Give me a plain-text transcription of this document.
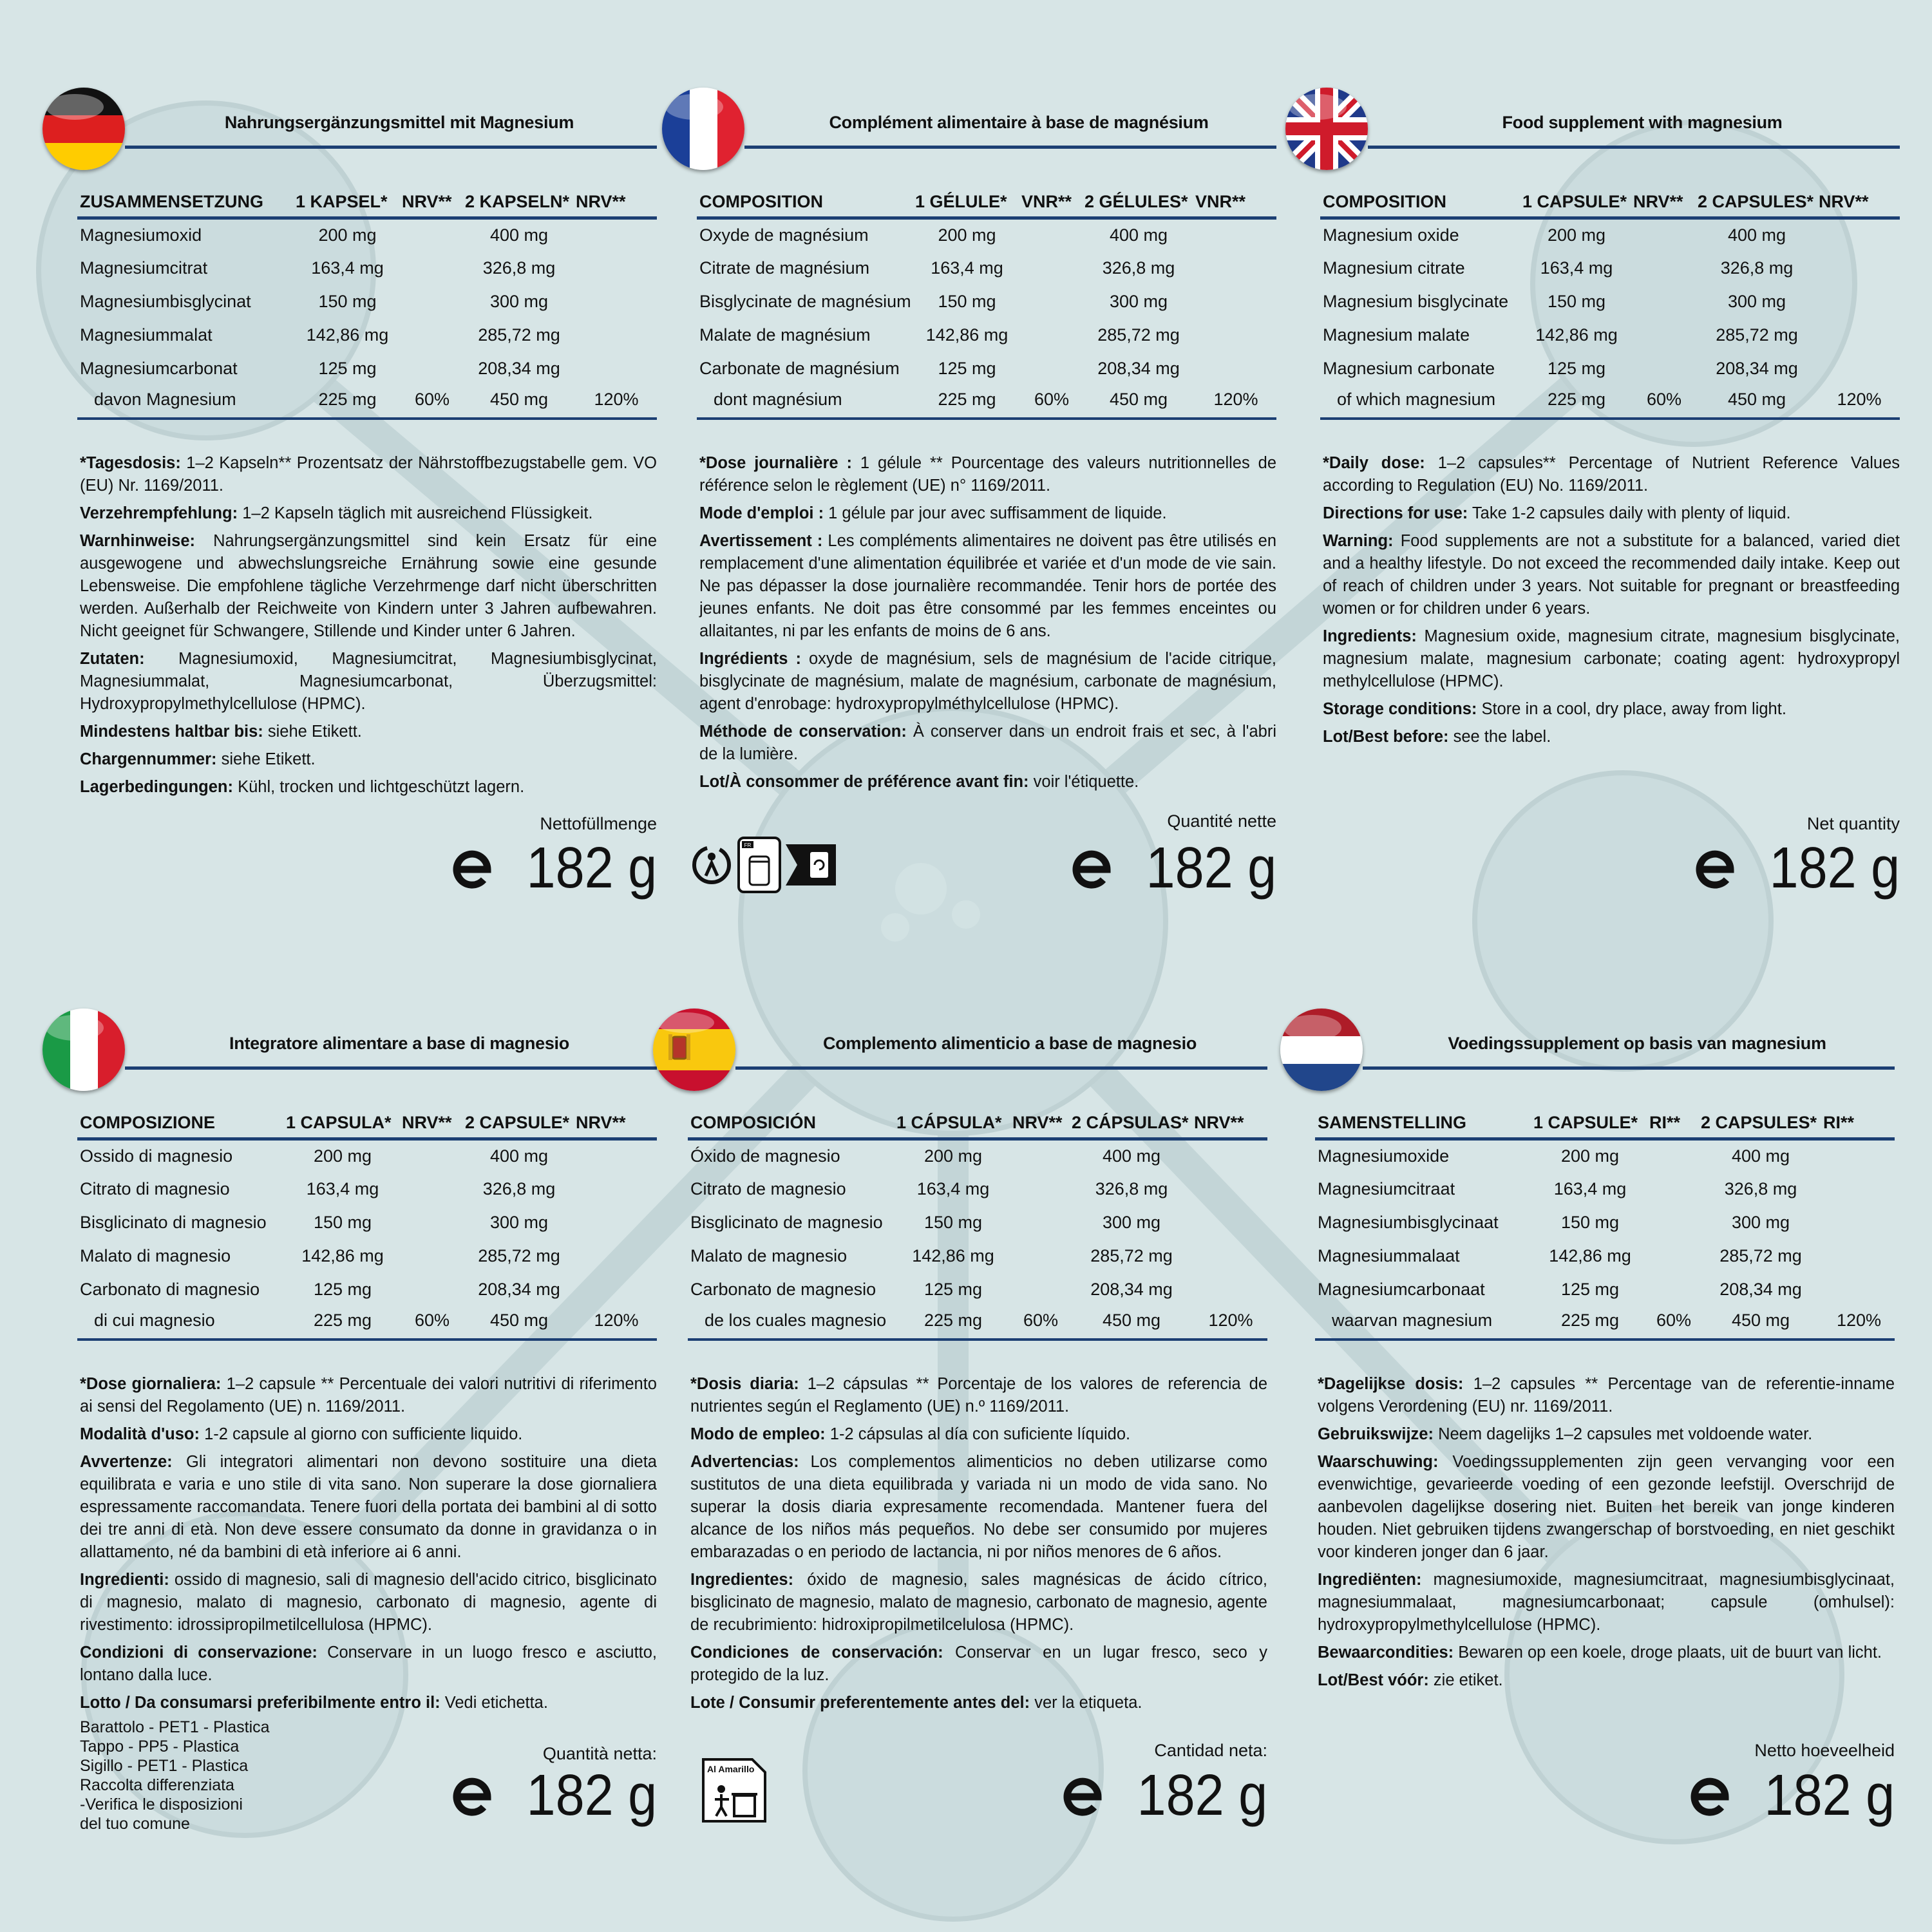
Nahrungsergänzungsmittel mit Magnesium
ZUSAMMENSETZUNG	1 KAPSEL*	NRV**	2 KAPSELN*	NRV**
Magnesiumoxid	200 mg		400 mg	
Magnesiumcitrat	163,4 mg		326,8 mg	
Magnesiumbisglycinat	150 mg		300 mg	
Magnesiummalat	142,86 mg		285,72 mg	
Magnesiumcarbonat	125 mg		208,34 mg	
davon Magnesium	225 mg	60%	450 mg	120%

*Tagesdosis: 1–2 Kapseln** Prozentsatz der Nährstoffbezugstabelle gem. VO (EU) Nr. 1169/2011.

Verzehrempfehlung: 1–2 Kapseln täglich mit ausreichend Flüssigkeit.

Warnhinweise: Nahrungsergänzungsmittel sind kein Ersatz für eine ausgewogene und abwechslungsreiche Ernährung sowie eine gesunde Lebensweise. Die empfohlene tägliche Verzehrmenge darf nicht überschritten werden. Außerhalb der Reichweite von Kindern unter 3 Jahren aufbewahren. Nicht geeignet für Schwangere, Stillende und Kinder unter 6 Jahren.

Zutaten: Magnesiumoxid, Magnesiumcitrat, Magnesiumbisglycinat, Magnesiummalat, Magnesiumcarbonat, Überzugsmittel: Hydroxypropylmethylcellulose (HPMC).

Mindestens haltbar bis: siehe Etikett.

Chargennummer: siehe Etikett.

Lagerbedingungen: Kühl, trocken und lichtgeschützt lagern.

Nettofüllmenge
182 g
Complément alimentaire à base de magnésium
COMPOSITION	1 GÉLULE*	VNR**	2 GÉLULES*	VNR**
Oxyde de magnésium	200 mg		400 mg	
Citrate de magnésium	163,4 mg		326,8 mg	
Bisglycinate de magnésium	150 mg		300 mg	
Malate de magnésium	142,86 mg		285,72 mg	
Carbonate de magnésium	125 mg		208,34 mg	
dont magnésium	225 mg	60%	450 mg	120%

*Dose journalière : 1 gélule ** Pourcentage des valeurs nutritionnelles de référence selon le règlement (UE) n° 1169/2011.

Mode d'emploi : 1 gélule par jour avec suffisamment de liquide.

Avertissement : Les compléments alimentaires ne doivent pas être utilisés en remplacement d'une alimentation équilibrée et variée et d'un mode de vie sain. Ne pas dépasser la dose journalière recommandée. Tenir hors de portée des jeunes enfants. Ne doit pas être consommé par les femmes enceintes ou allaitantes, ni par les enfants de moins de 6 ans.

Ingrédients : oxyde de magnésium, sels de magnésium de l'acide citrique, bisglycinate de magnésium, malate de magnésium, carbonate de magnésium, agent d'enrobage: hydroxypropylméthylcellulose (HPMC).

Méthode de conservation: À conserver dans un endroit frais et sec, à l'abri de la lumière.

Lot/À consommer de préférence avant fin: voir l'étiquette.

FR
Quantité nette
182 g
Food supplement with magnesium
COMPOSITION	1 CAPSULE*	NRV**	2 CAPSULES*	NRV**
Magnesium oxide	200 mg		400 mg	
Magnesium citrate	163,4 mg		326,8 mg	
Magnesium bisglycinate	150 mg		300 mg	
Magnesium malate	142,86 mg		285,72 mg	
Magnesium carbonate	125 mg		208,34 mg	
of which magnesium	225 mg	60%	450 mg	120%

*Daily dose: 1–2 capsules** Percentage of Nutrient Reference Values according to Regulation (EU) No. 1169/2011.

Directions for use: Take 1-2 capsules daily with plenty of liquid.

Warning: Food supplements are not a substitute for a balanced, varied diet and a healthy lifestyle. Do not exceed the recommended daily intake. Keep out of reach of children under 3 years. Not suitable for pregnant or breastfeeding women or for children under 6 years.

Ingredients: Magnesium oxide, magnesium citrate, magnesium bisglycinate, magnesium malate, magnesium carbonate; coating agent: hydroxypropyl methylcellulose (HPMC).

Storage conditions: Store in a cool, dry place, away from light.

Lot/Best before: see the label.

Net quantity
182 g
Integratore alimentare a base di magnesio
COMPOSIZIONE	1 CAPSULA*	NRV**	2 CAPSULE*	NRV**
Ossido di magnesio	200 mg		400 mg	
Citrato di magnesio	163,4 mg		326,8 mg	
Bisglicinato di magnesio	150 mg		300 mg	
Malato di magnesio	142,86 mg		285,72 mg	
Carbonato di magnesio	125 mg		208,34 mg	
di cui magnesio	225 mg	60%	450 mg	120%

*Dose giornaliera: 1–2 capsule ** Percentuale dei valori nutritivi di riferimento ai sensi del Regolamento (UE) n. 1169/2011.

Modalità d'uso: 1-2 capsule al giorno con sufficiente liquido.

Avvertenze: Gli integratori alimentari non devono sostituire una dieta equilibrata e varia e uno stile di vita sano. Non superare la dose giornaliera espressamente raccomandata. Tenere fuori della portata dei bambini al di sotto dei tre anni di età. Non deve essere consumato da donne in gravidanza o in allattamento, né da bambini di età inferiore ai 6 anni.

Ingredienti: ossido di magnesio, sali di magnesio dell'acido citrico, bisglicinato di magnesio, malato di magnesio, carbonato di magnesio, agente di rivestimento: idrossipropilmetilcellulosa (HPMC).

Condizioni di conservazione: Conservare in un luogo fresco e asciutto, lontano dalla luce.

Lotto / Da consumarsi preferibilmente entro il: Vedi etichetta.

Barattolo - PET1 - Plastica
Tappo - PP5 - Plastica
Sigillo - PET1 - Plastica
Raccolta differenziata
-Verifica le disposizioni
del tuo comune
Quantità netta:
182 g
Complemento alimenticio a base de magnesio
COMPOSICIÓN	1 CÁPSULA*	NRV**	2 CÁPSULAS*	NRV**
Óxido de magnesio	200 mg		400 mg	
Citrato de magnesio	163,4 mg		326,8 mg	
Bisglicinato de magnesio	150 mg		300 mg	
Malato de magnesio	142,86 mg		285,72 mg	
Carbonato de magnesio	125 mg		208,34 mg	
de los cuales magnesio	225 mg	60%	450 mg	120%

*Dosis diaria: 1–2 cápsulas ** Porcentaje de los valores de referencia de nutrientes según el Reglamento (UE) n.º 1169/2011.

Modo de empleo: 1-2 cápsulas al día con suficiente líquido.

Advertencias: Los complementos alimenticios no deben utilizarse como sustitutos de una dieta equilibrada y variada ni un modo de vida sano. No superar la dosis diaria expresamente recomendada. Mantener fuera del alcance de los niños más pequeños. No debe ser consumido por mujeres embarazadas o en periodo de lactancia, ni por niños menores de 6 años.

Ingredientes: óxido de magnesio, sales magnésicas de ácido cítrico, bisglicinato de magnesio, malato de magnesio, carbonato de magnesio, agente de recubrimiento: hidroxipropilmetilcelulosa (HPMC).

Condiciones de conservación: Conservar en un lugar fresco, seco y protegido de la luz.

Lote / Consumir preferentemente antes del: ver la etiqueta.

Al Amarillo
Cantidad neta:
182 g
Voedingssupplement op basis van magnesium
SAMENSTELLING	1 CAPSULE*	RI**	2 CAPSULES*	RI**
Magnesiumoxide	200 mg		400 mg	
Magnesiumcitraat	163,4 mg		326,8 mg	
Magnesiumbisglycinaat	150 mg		300 mg	
Magnesiummalaat	142,86 mg		285,72 mg	
Magnesiumcarbonaat	125 mg		208,34 mg	
waarvan magnesium	225 mg	60%	450 mg	120%

*Dagelijkse dosis: 1–2 capsules ** Percentage van de referentie-inname volgens Verordening (EU) nr. 1169/2011.

Gebruikswijze: Neem dagelijks 1–2 capsules met voldoende water.

Waarschuwing: Voedingssupplementen zijn geen vervanging voor een evenwichtige, gevarieerde voeding of een gezonde leefstijl. Overschrijd de aanbevolen dagelijkse dosering niet. Buiten het bereik van jonge kinderen houden. Niet gebruiken tijdens zwangerschap of borstvoeding, en niet geschikt voor kinderen jonger dan 6 jaar.

Ingrediënten: magnesiumoxide, magnesiumcitraat, magnesiumbisglycinaat, magnesiummalaat, magnesiumcarbonaat; capsule (omhulsel): hydroxypropylmethylcellulose (HPMC).

Bewaarcondities: Bewaren op een koele, droge plaats, uit de buurt van licht.

Lot/Best vóór: zie etiket.

Netto hoeveelheid
182 g
